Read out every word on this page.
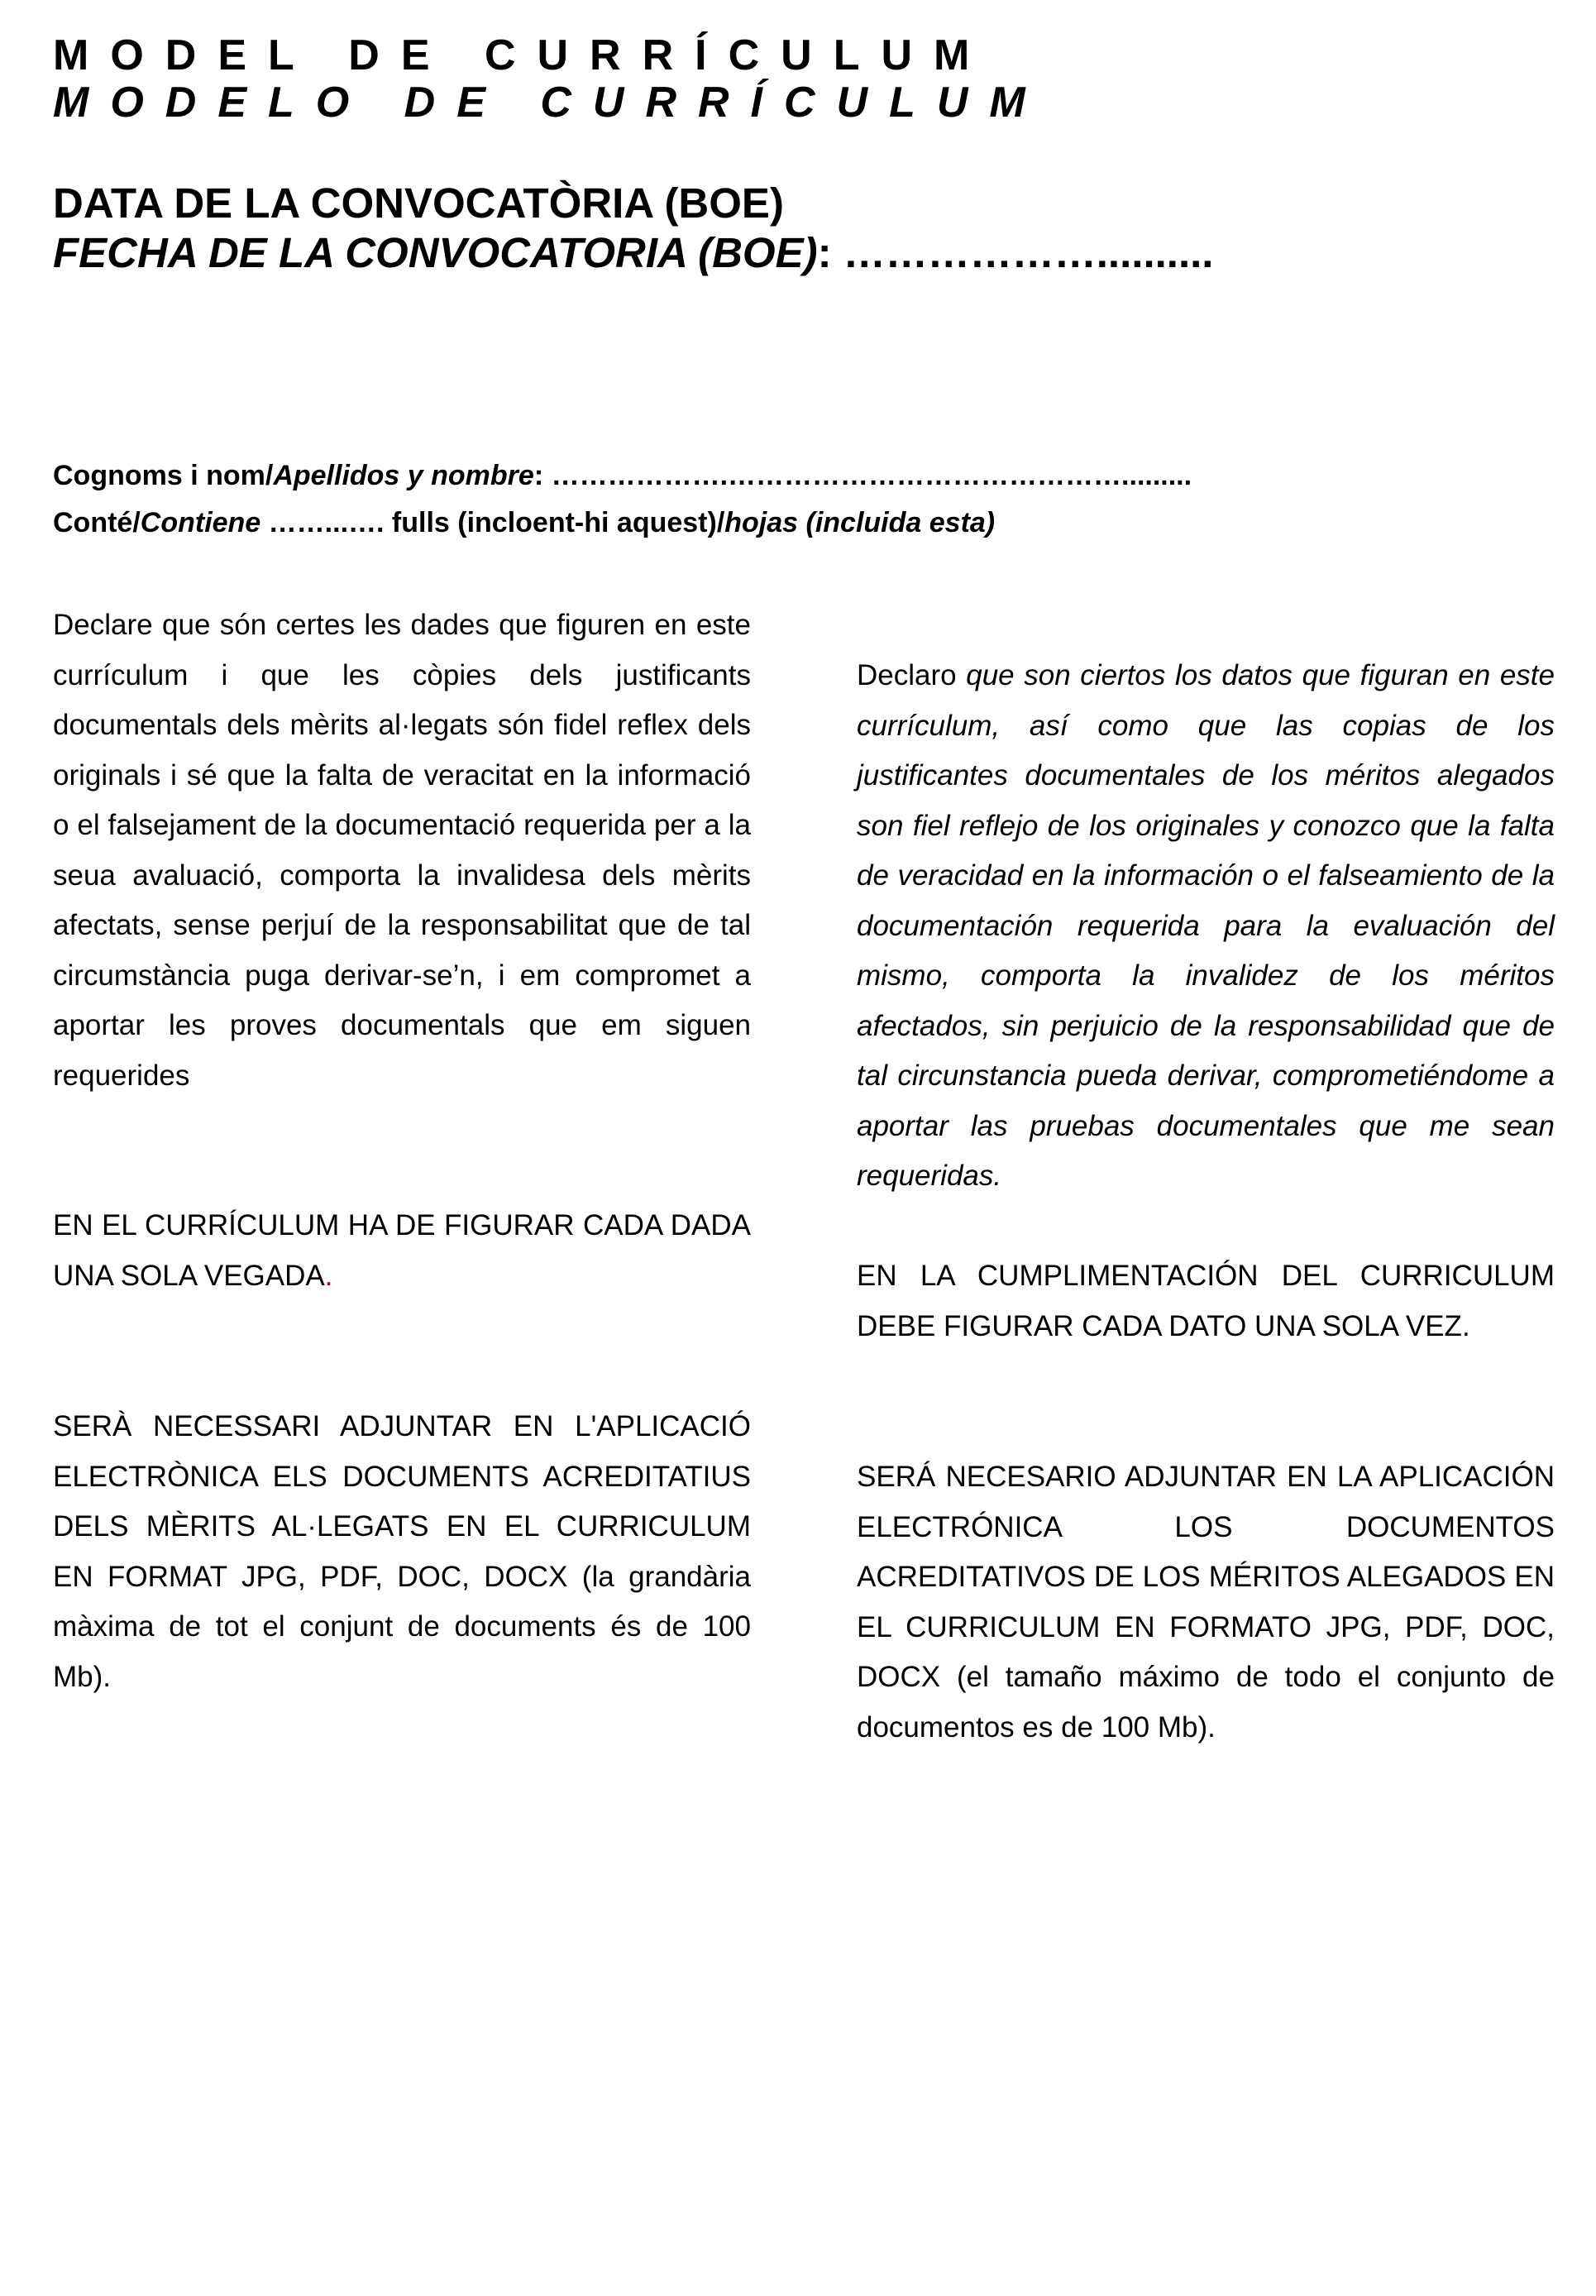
MODEL DE CURRÍCULUM
MODELO DE CURRÍCULUM
DATA DE LA CONVOCATÒRIA (BOE)
FECHA DE LA CONVOCATORIA (BOE): ………………..........
Cognoms i nom/Apellidos y nombre: ……………….…………………………………….........
Conté/Contiene ……...…. fulls (incloent-hi aquest)/hojas (incluida esta)

Declare que són certes les dades que figuren en este currículum i que les còpies dels justificants documentals dels mèrits al·legats són fidel reflex dels originals i sé que la falta de veracitat en la informació o el falsejament de la documentació requerida per a la seua avaluació, comporta la invalidesa dels mèrits afectats, sense perjuí de la responsabilitat que de tal circumstància puga derivar-se’n, i em compromet a aportar les proves documentals que em siguen requerides

Declaro que son ciertos los datos que figuran en este currículum, así como que las copias de los justificantes documentales de los méritos alegados son fiel reflejo de los originales y conozco que la falta de veracidad en la información o el falseamiento de la documentación requerida para la evaluación del mismo, comporta la invalidez de los méritos afectados, sin perjuicio de la responsabilidad que de tal circunstancia pueda derivar, comprometiéndome a aportar las pruebas documentales que me sean requeridas.

EN EL CURRÍCULUM HA DE FIGURAR CADA DADA UNA SOLA VEGADA.	EN LA CUMPLIMENTACIÓN DEL CURRICULUM DEBE FIGURAR CADA DATO UNA SOLA VEZ.

SERÀ NECESSARI ADJUNTAR EN L'APLICACIÓ ELECTRÒNICA ELS DOCUMENTS ACREDITATIUS DELS MÈRITS AL·LEGATS EN EL CURRICULUM EN FORMAT JPG, PDF, DOC, DOCX (la grandària màxima de tot el conjunt de documents és de 100 Mb).

SERÁ NECESARIO ADJUNTAR EN LA APLICACIÓN ELECTRÓNICA LOS DOCUMENTOS ACREDITATIVOS DE LOS MÉRITOS ALEGADOS EN EL CURRICULUM EN FORMATO JPG, PDF, DOC, DOCX (el tamaño máximo de todo el conjunto de documentos es de 100 Mb).
